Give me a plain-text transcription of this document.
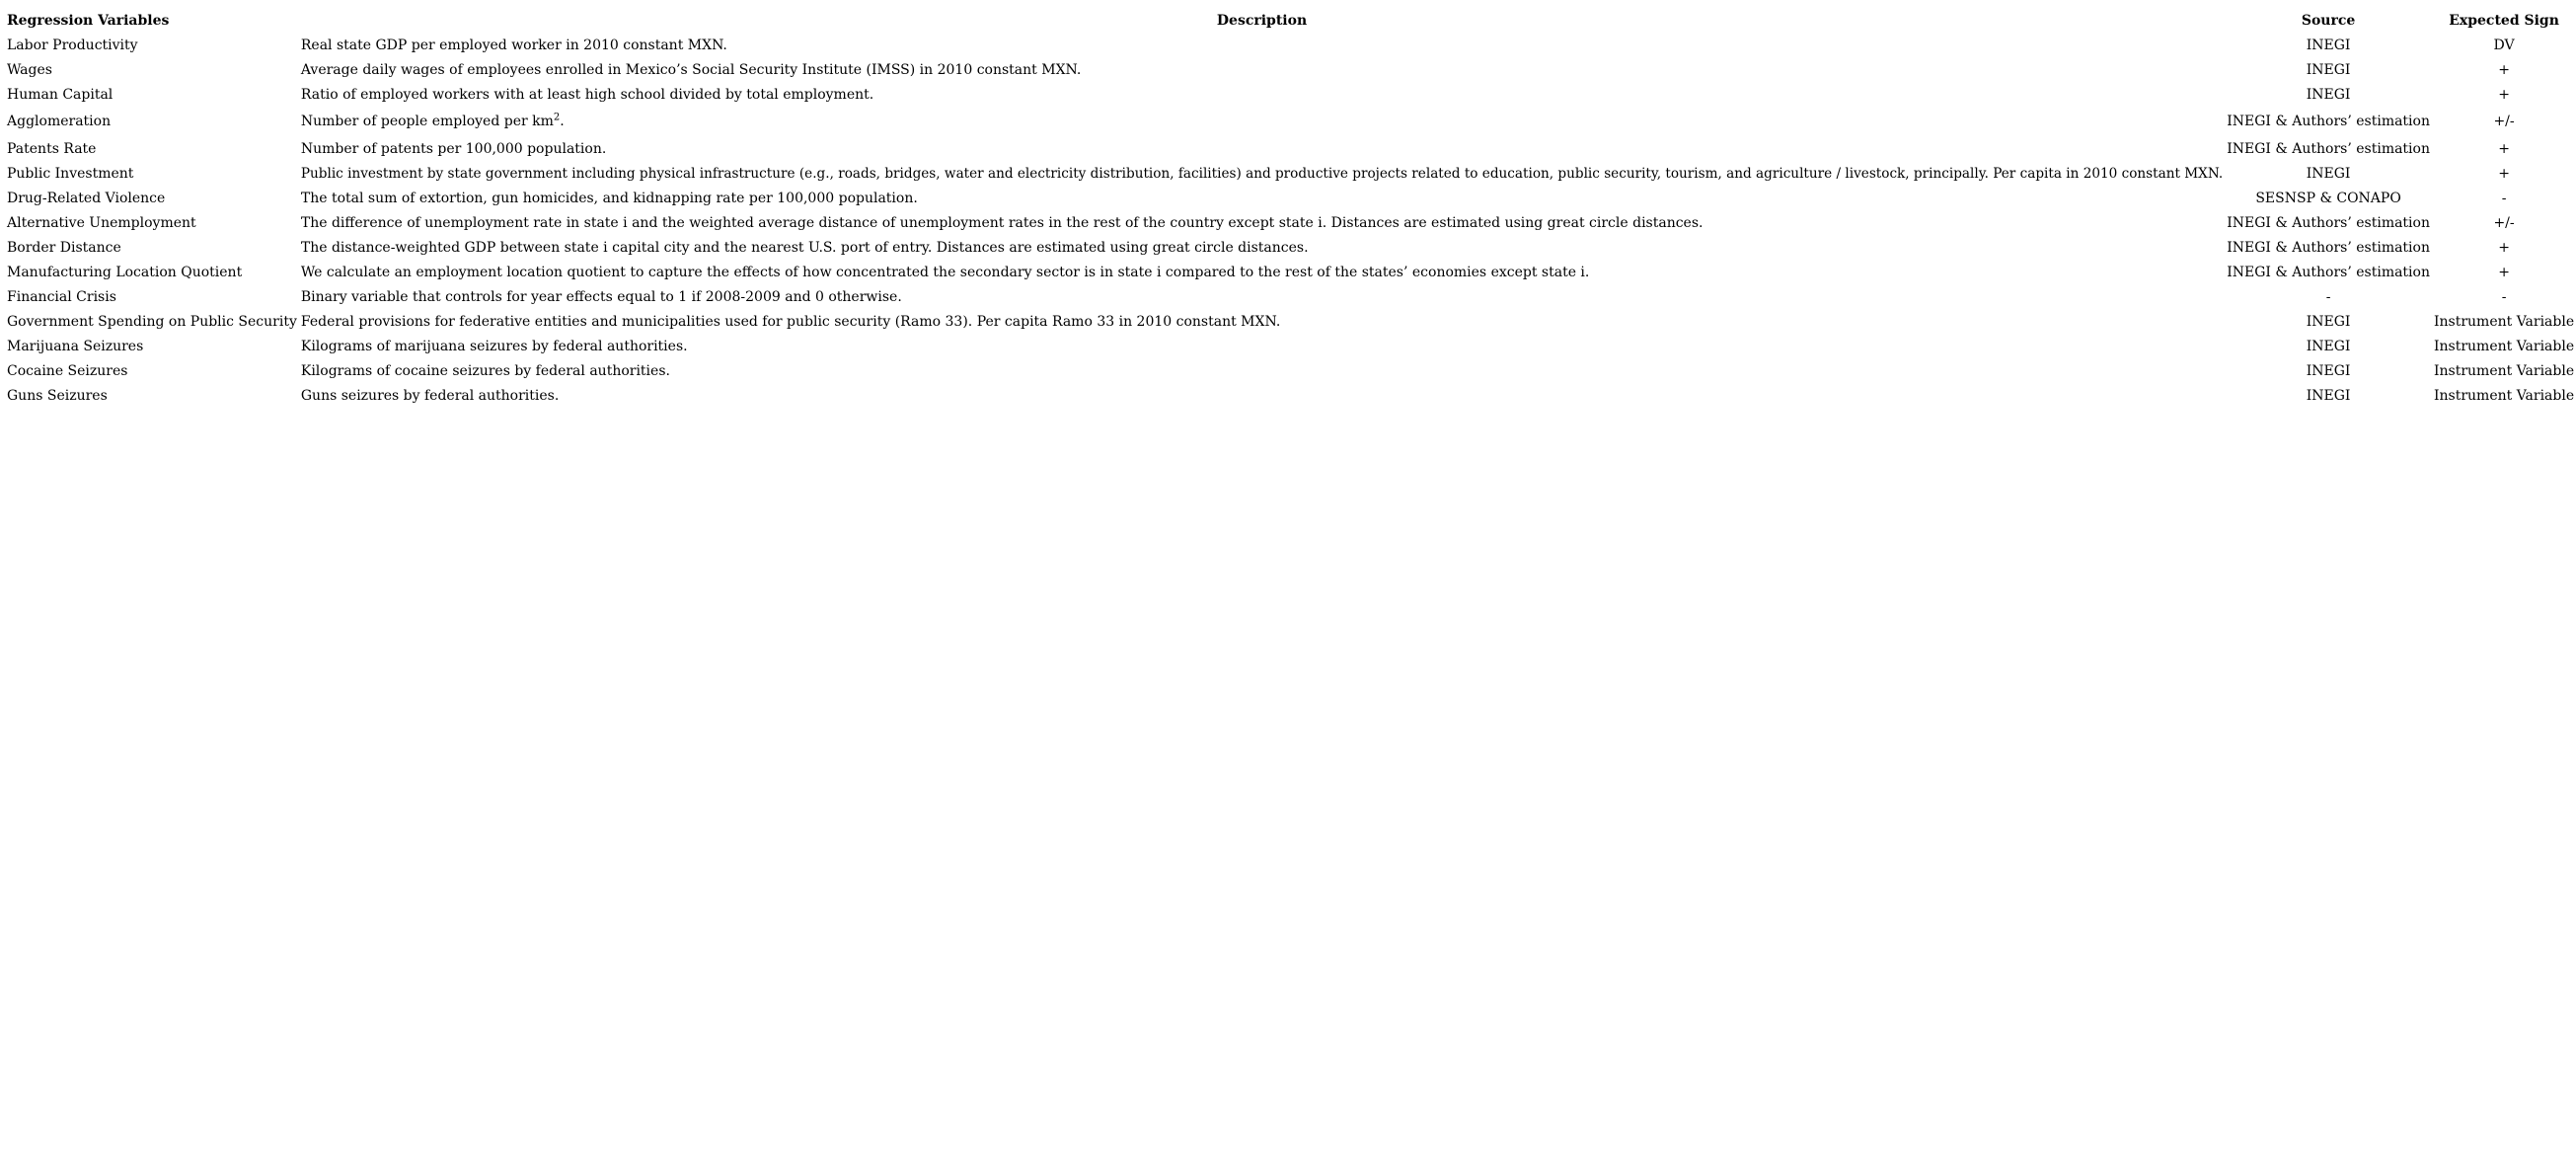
Regression Variables	Description	Source	Expected Sign
Labor Productivity	Real state GDP per employed worker in 2010 constant MXN.	INEGI	DV
Wages	Average daily wages of employees enrolled in Mexico’s Social Security Institute (IMSS) in 2010 constant MXN.	INEGI	+
Human Capital	Ratio of employed workers with at least high school divided by total employment.	INEGI	+
Agglomeration	Number of people employed per $km^2$.	INEGI & Authors’ estimation	+/-
Patents Rate	Number of patents per 100,000 population.	INEGI & Authors’ estimation	+
Public Investment	Public investment by state government including physical infrastructure (e.g., roads, bridges, water and electricity distribution, facilities) and productive projects related to education, public security, tourism, and agriculture / livestock, principally. Per capita in 2010 constant MXN.	INEGI	+
Drug-Related Violence	The total sum of extortion, gun homicides, and kidnapping rate per 100,000 population.	SESNSP & CONAPO	-
Alternative Unemployment	The difference of unemployment rate in state i and the weighted average distance of unemployment rates in the rest of the country except state i. Distances are estimated using great circle distances.	INEGI & Authors’ estimation	+/-
Border Distance	The distance-weighted GDP between state i capital city and the nearest U.S. port of entry. Distances are estimated using great circle distances.	INEGI & Authors’ estimation	+
Manufacturing Location Quotient	We calculate an employment location quotient to capture the effects of how concentrated the secondary sector is in state i compared to the rest of the states’ economies except state i.	INEGI & Authors’ estimation	+
Financial Crisis	Binary variable that controls for year effects equal to 1 if 2008-2009 and 0 otherwise.	-	-
Government Spending on Public Security	Federal provisions for federative entities and municipalities used for public security (Ramo 33). Per capita Ramo 33 in 2010 constant MXN.	INEGI	Instrument Variable
Marijuana Seizures	Kilograms of marijuana seizures by federal authorities.	INEGI	Instrument Variable
Cocaine Seizures	Kilograms of cocaine seizures by federal authorities.	INEGI	Instrument Variable
Guns Seizures	Guns seizures by federal authorities.	INEGI	Instrument Variable
